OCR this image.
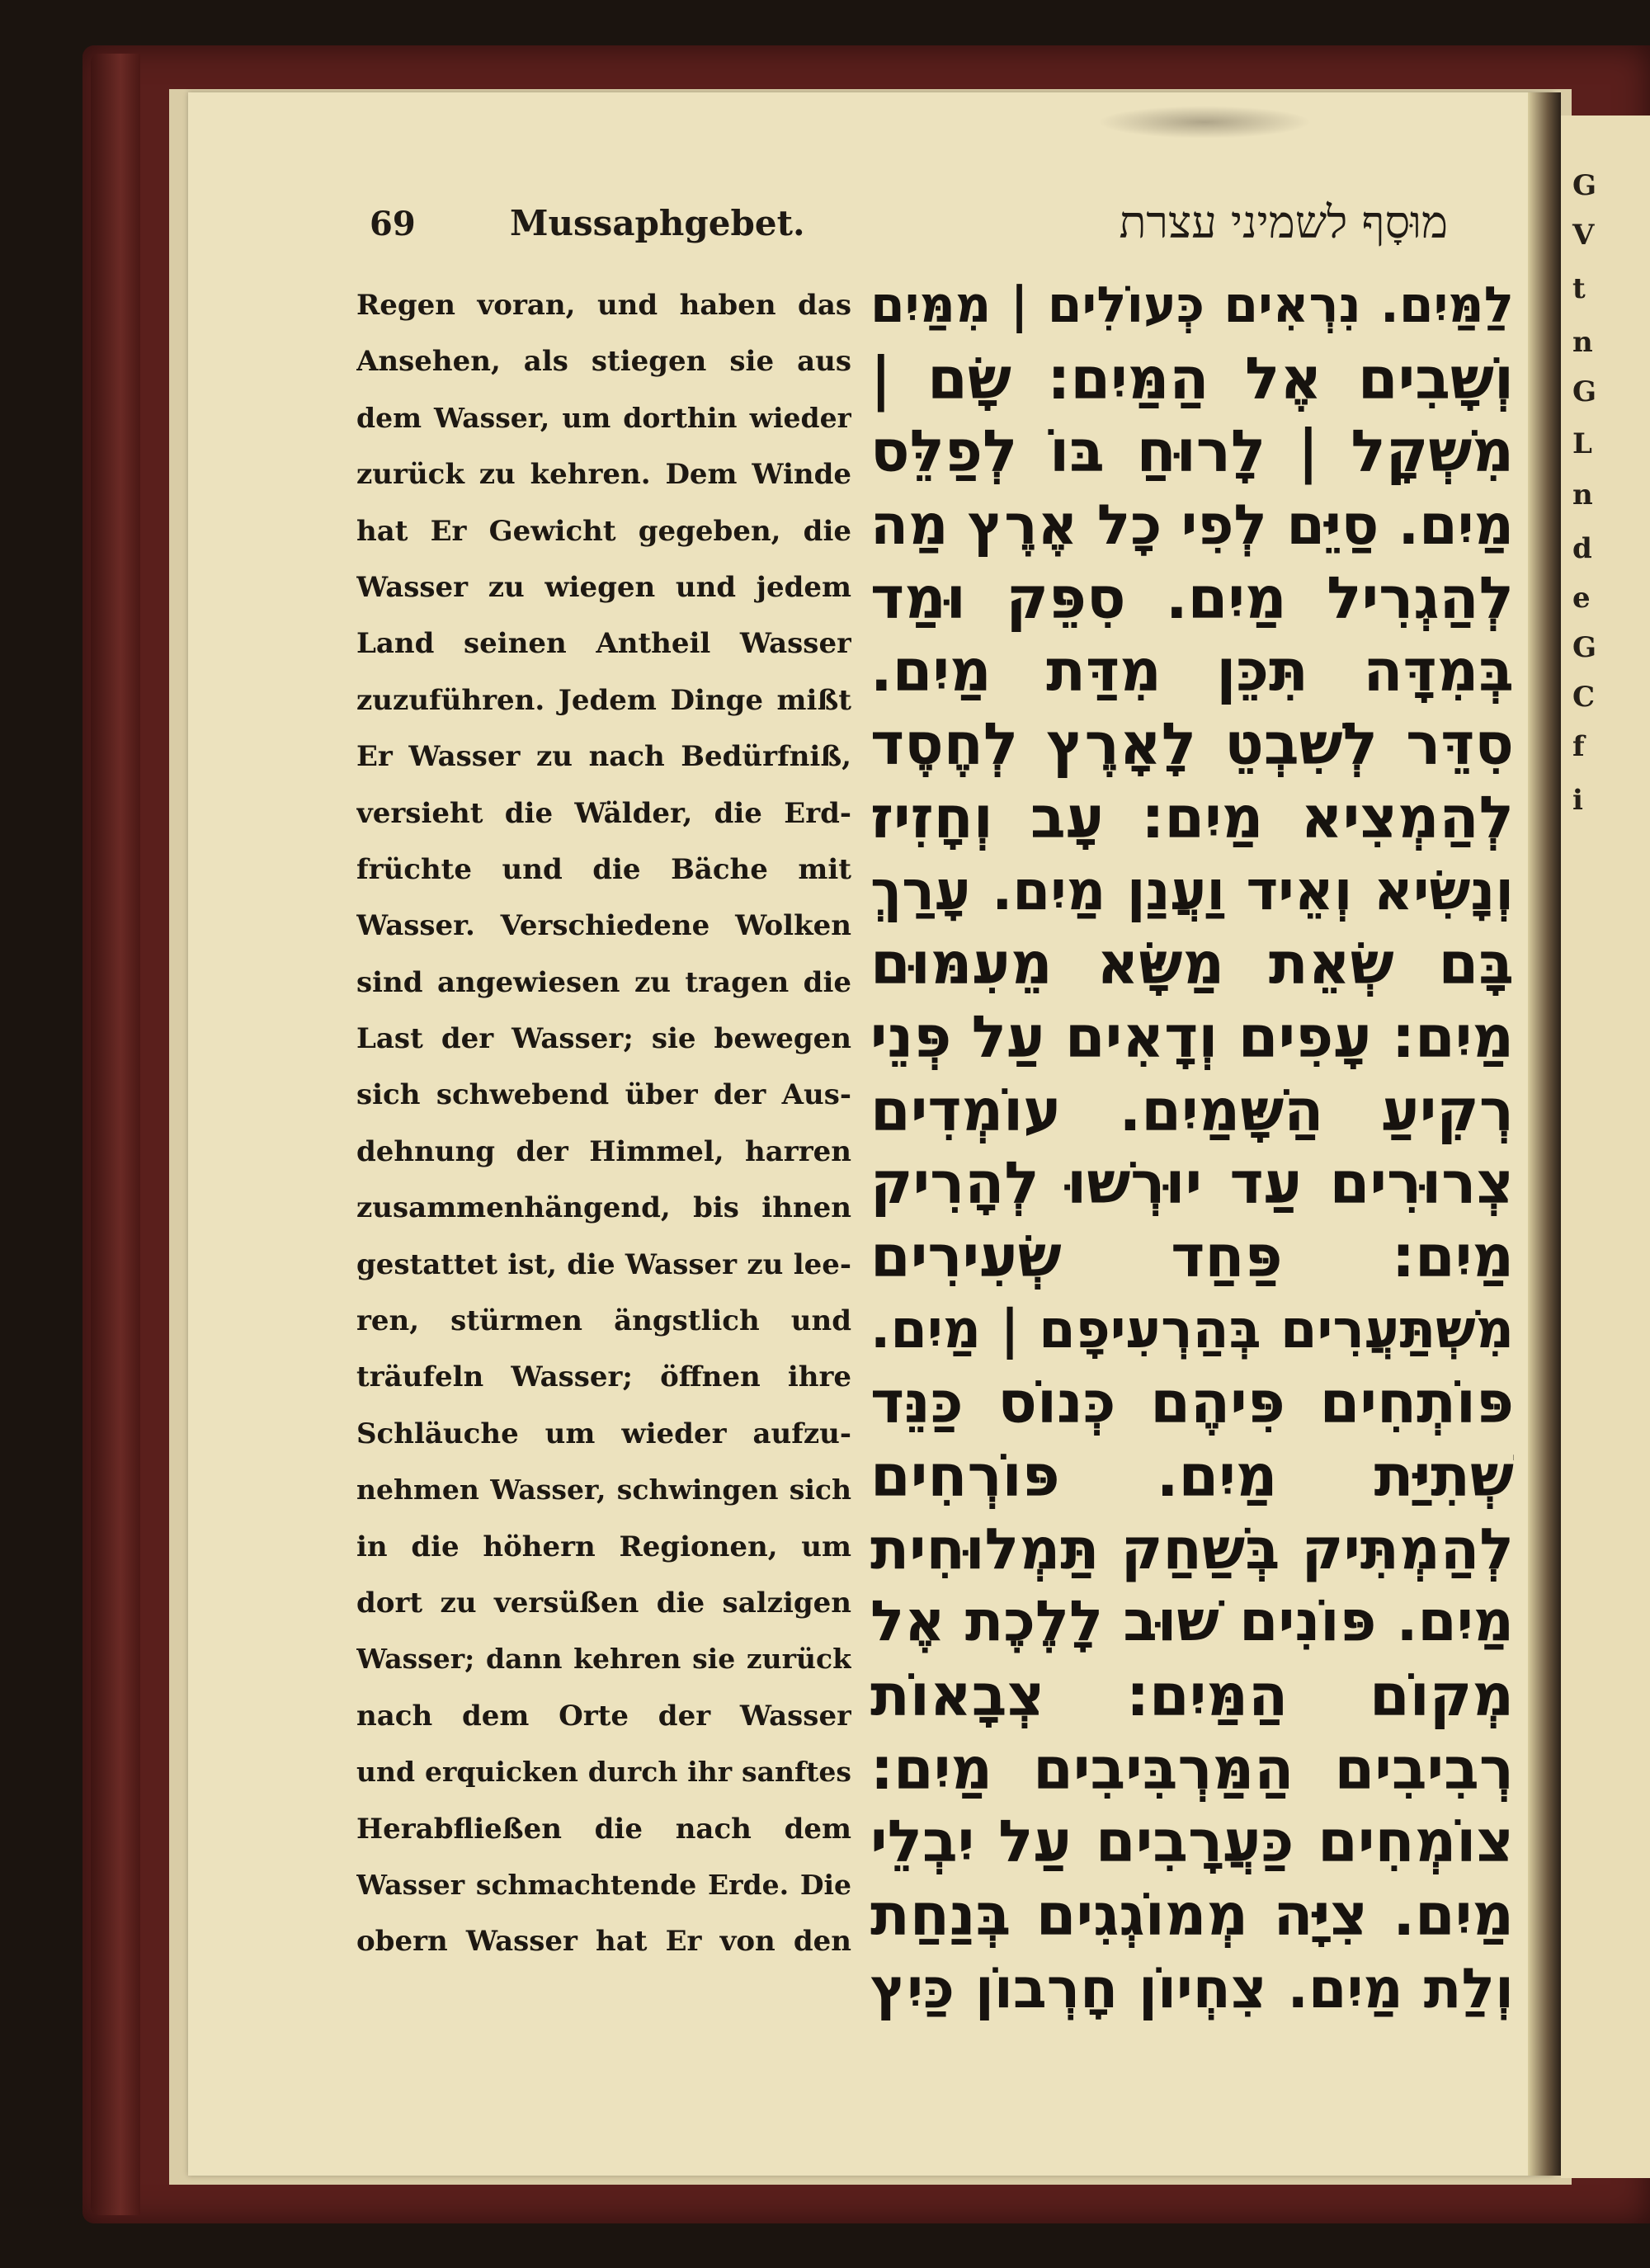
G
V
t
n
G
L
n
d
e
G
C
f
i
69	Mussaphgebet.	מוּסָף לשמיני עצרת
Regen voran, und haben das
Ansehen, als stiegen sie aus
dem Wasser, um dorthin wieder
zurück zu kehren. Dem Winde
hat Er Gewicht gegeben, die
Wasser zu wiegen und jedem
Land seinen Antheil Wasser
zuzuführen. Jedem Dinge mißt
Er Wasser zu nach Bedürfniß,
versieht die Wälder, die Erd-
früchte und die Bäche mit
Wasser. Verschiedene Wolken
sind angewiesen zu tragen die
Last der Wasser; sie bewegen
sich schwebend über der Aus-
dehnung der Himmel, harren
zusammenhängend, bis ihnen
gestattet ist, die Wasser zu lee-
ren, stürmen ängstlich und
träufeln Wasser; öffnen ihre
Schläuche um wieder aufzu-
nehmen Wasser, schwingen sich
in die höhern Regionen, um
dort zu versüßen die salzigen
Wasser; dann kehren sie zurück
nach dem Orte der Wasser
und erquicken durch ihr sanftes
Herabfließen die nach dem
Wasser schmachtende Erde. Die
obern Wasser hat Er von den
לַמַּיִם. נִרְאִים כְּעוֹלִים | מִמַּיִם
וְשָׁבִים אֶל הַמַּיִם: שָׂם |
מִשְׁקָל | לָרוּחַ בּוֹ לְפַלֵּס
מַיִם. סַיֵּם לְפִי כָל אֶרֶץ מַה
לְהַגְרִיל מַיִם. סִפֵּק וּמַד
בְּמִדָּה תִּכֵּן מִדַּת מַיִם.
סִדֵּר לְשִׁבְטֵ לָאָרֶץ לְחֶסֶד
לְהַמְצִיא מַיִם: עָב וְחָזִיז
וְנָשִׂיא וְאֵיד וַעֲנַן מַיִם. עָרַךְ
בָּם שְׂאֵת מַשָּׂא מֵעִמּוּם
מַיִם: עָפִים וְדָאִים עַל פְּנֵי
רְקִיעַ הַשָּׁמַיִם. עוֹמְדִים
צְרוּרִים עַד יוּרְשׁוּ לְהָרִיק
מַיִם: פַּחַד שְׂעִירִים
מִשְׁתַּעֲרִים בְּהַרְעִיפָם | מַיִם.
פּוֹתְחִים פִּיהֶם כְּנוֹס כַּנֵּד
שְׁתִיַּת מַיִם. פּוֹרְחִים
לְהַמְתִּיק בְּשַׁחַק תַּמְלוּחִית
מַיִם. פּוֹנִים שׁוּב לָלֶכֶת אֶל
מְקוֹם הַמַּיִם: צְבָאוֹת
רְבִיבִים הַמַּרְבִּיבִים מַיִם:
צוֹמְחִים כַּעֲרָבִים עַל יִבְלֵי
מַיִם. צִיָּה מְמוֹגְגִים בְּנַחַת
וְלַת מַיִם. צִחְיוֹן חָרְבוֹן כַּיִץ
